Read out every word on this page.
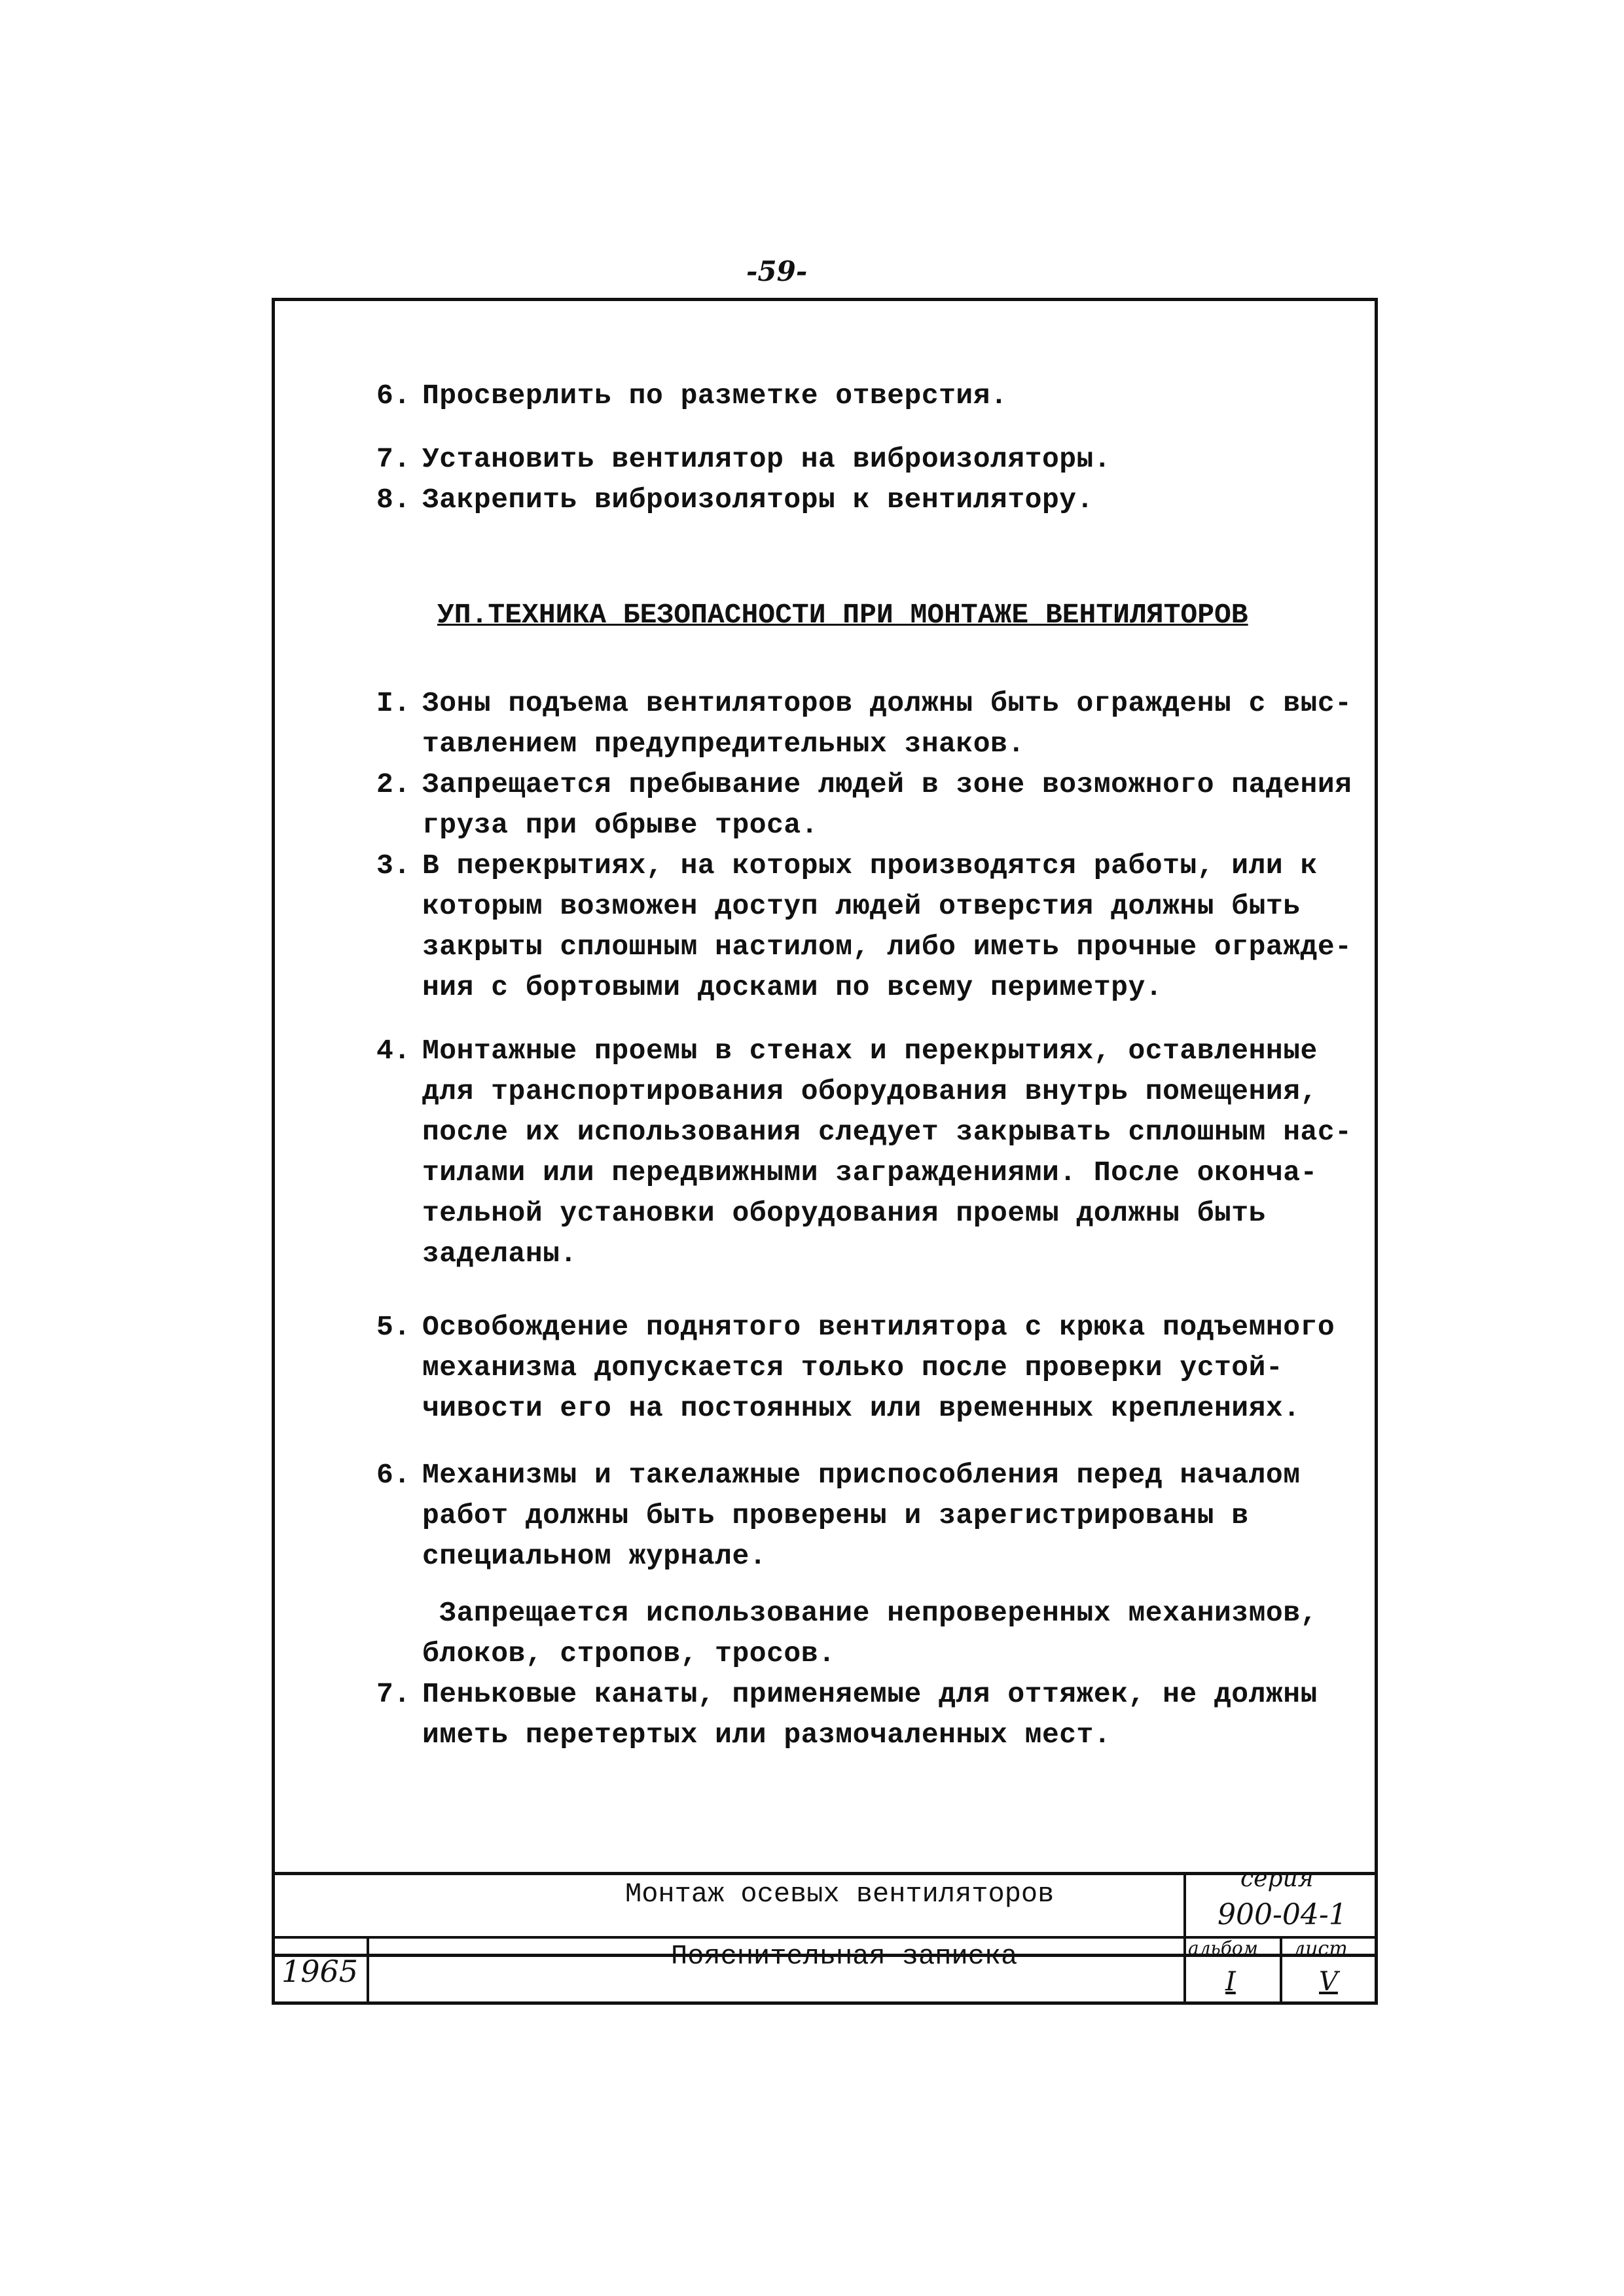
-59-
6. Просверлить по разметке отверстия.
7. Установить вентилятор на виброизоляторы.
8. Закрепить виброизоляторы к вентилятору.
УП.ТЕХНИКА БЕЗОПАСНОСТИ ПРИ МОНТАЖЕ ВЕНТИЛЯТОРОВ
I. Зоны подъема вентиляторов должны быть ограждены с выс-
тавлением предупредительных знаков.
2. Запрещается пребывание людей в зоне возможного падения
груза при обрыве троса.
3. В перекрытиях, на которых производятся работы, или к
которым возможен доступ людей отверстия должны быть
закрыты сплошным настилом, либо иметь прочные огражде-
ния с бортовыми досками по всему периметру.
4. Монтажные проемы в стенах и перекрытиях, оставленные
для транспортирования оборудования внутрь помещения,
после их использования следует закрывать сплошным нас-
тилами или передвижными заграждениями. После оконча-
тельной установки оборудования проемы должны быть
заделаны.
5. Освобождение поднятого вентилятора с крюка подъемного
механизма допускается только после проверки устой-
чивости его на постоянных или временных креплениях.
6. Механизмы и такелажные приспособления перед началом
работ должны быть проверены и зарегистрированы в
специальном журнале.
Запрещается использование непроверенных механизмов,
блоков, стропов, тросов.
7. Пеньковые канаты, применяемые для оттяжек, не должны
иметь перетертых или размочаленных мест.
Монтаж осевых вентиляторов
Пояснительная записка
1965
серия
900-04-1
альбом
I
лист
V
